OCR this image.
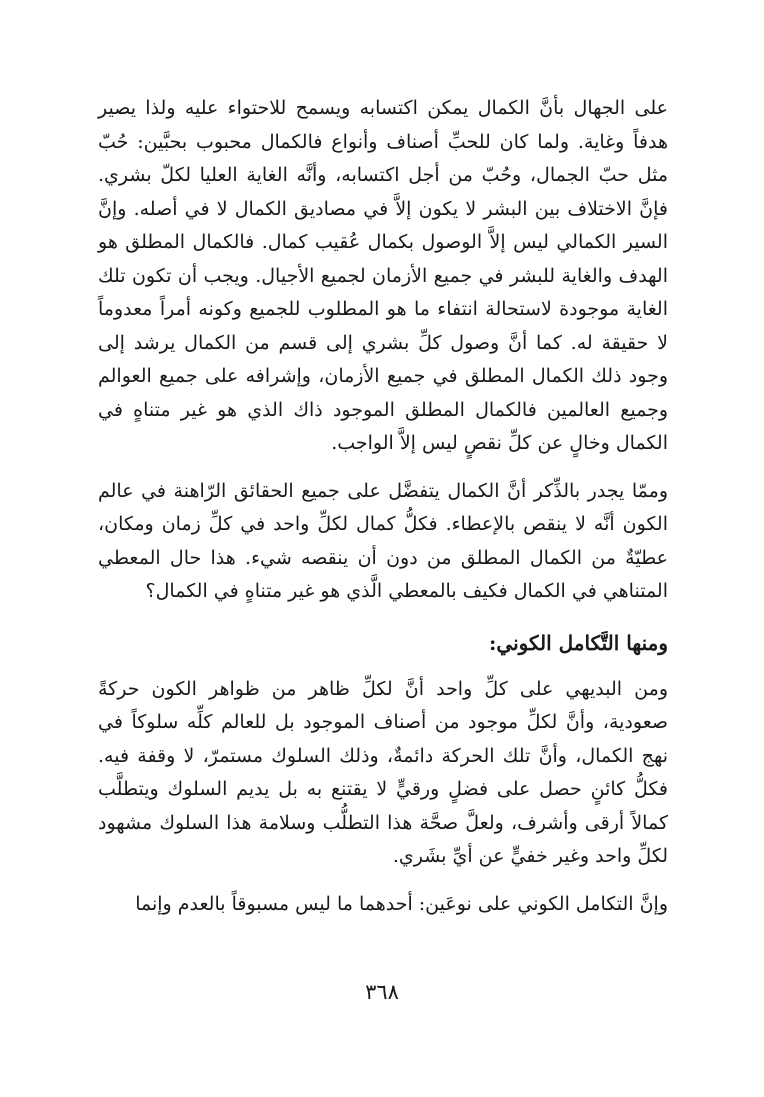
على الجهال بأنَّ الكمال يمكن اكتسابه ويسمح للاحتواء عليه ولذا يصير هدفاً وغاية. ولما كان للحبِّ أصناف وأنواع فالكمال محبوب بحبَّين: حُبّ مثل حبّ الجمال، وحُبّ من أجل اكتسابه، وأنَّه الغاية العليا لكلّ بشري. فإنَّ الاختلاف بين البشر لا يكون إلاَّ في مصاديق الكمال لا في أصله. وإنَّ السير الكمالي ليس إلاَّ الوصول بكمال عُقيب كمال. فالكمال المطلق هو الهدف والغاية للبشر في جميع الأزمان لجميع الأجيال. ويجب أن تكون تلك الغاية موجودة لاستحالة انتفاء ما هو المطلوب للجميع وكونه أمراً معدوماً لا حقيقة له. كما أنَّ وصول كلِّ بشري إلى قسم من الكمال يرشد إلى وجود ذلك الكمال المطلق في جميع الأزمان، وإشرافه على جميع العوالم وجميع العالمين فالكمال المطلق الموجود ذاك الذي هو غير متناهٍ في الكمال وخالٍ عن كلِّ نقصٍ ليس إلاَّ الواجب.

وممّا يجدر بالذِّكر أنَّ الكمال يتفضَّل على جميع الحقائق الرّاهنة في عالم الكون أنَّه لا ينقص بالإعطاء. فكلُّ كمال لكلِّ واحد في كلِّ زمان ومكان، عطيّةٌ من الكمال المطلق من دون أن ينقصه شيء. هذا حال المعطي المتناهي في الكمال فكيف بالمعطي الَّذي هو غير متناهٍ في الكمال؟

ومنها التَّكامل الكوني:

ومن البديهي على كلِّ واحد أنَّ لكلِّ ظاهر من ظواهر الكون حركةً صعودية، وأنَّ لكلِّ موجود من أصناف الموجود بل للعالم كلِّه سلوكاً في نهج الكمال، وأنَّ تلك الحركة دائمةٌ، وذلك السلوك مستمرّ، لا وقفة فيه. فكلُّ كائنٍ حصل على فضلٍ ورقيٍّ لا يقتنع به بل يديم السلوك ويتطلَّب كمالاً أرقى وأشرف، ولعلَّ صحَّة هذا التطلُّب وسلامة هذا السلوك مشهود لكلِّ واحد وغير خفيٍّ عن أيِّ بشَري.

وإنَّ التكامل الكوني على نوعَين: أحدهما ما ليس مسبوقاً بالعدم وإنما

٣٦٨
